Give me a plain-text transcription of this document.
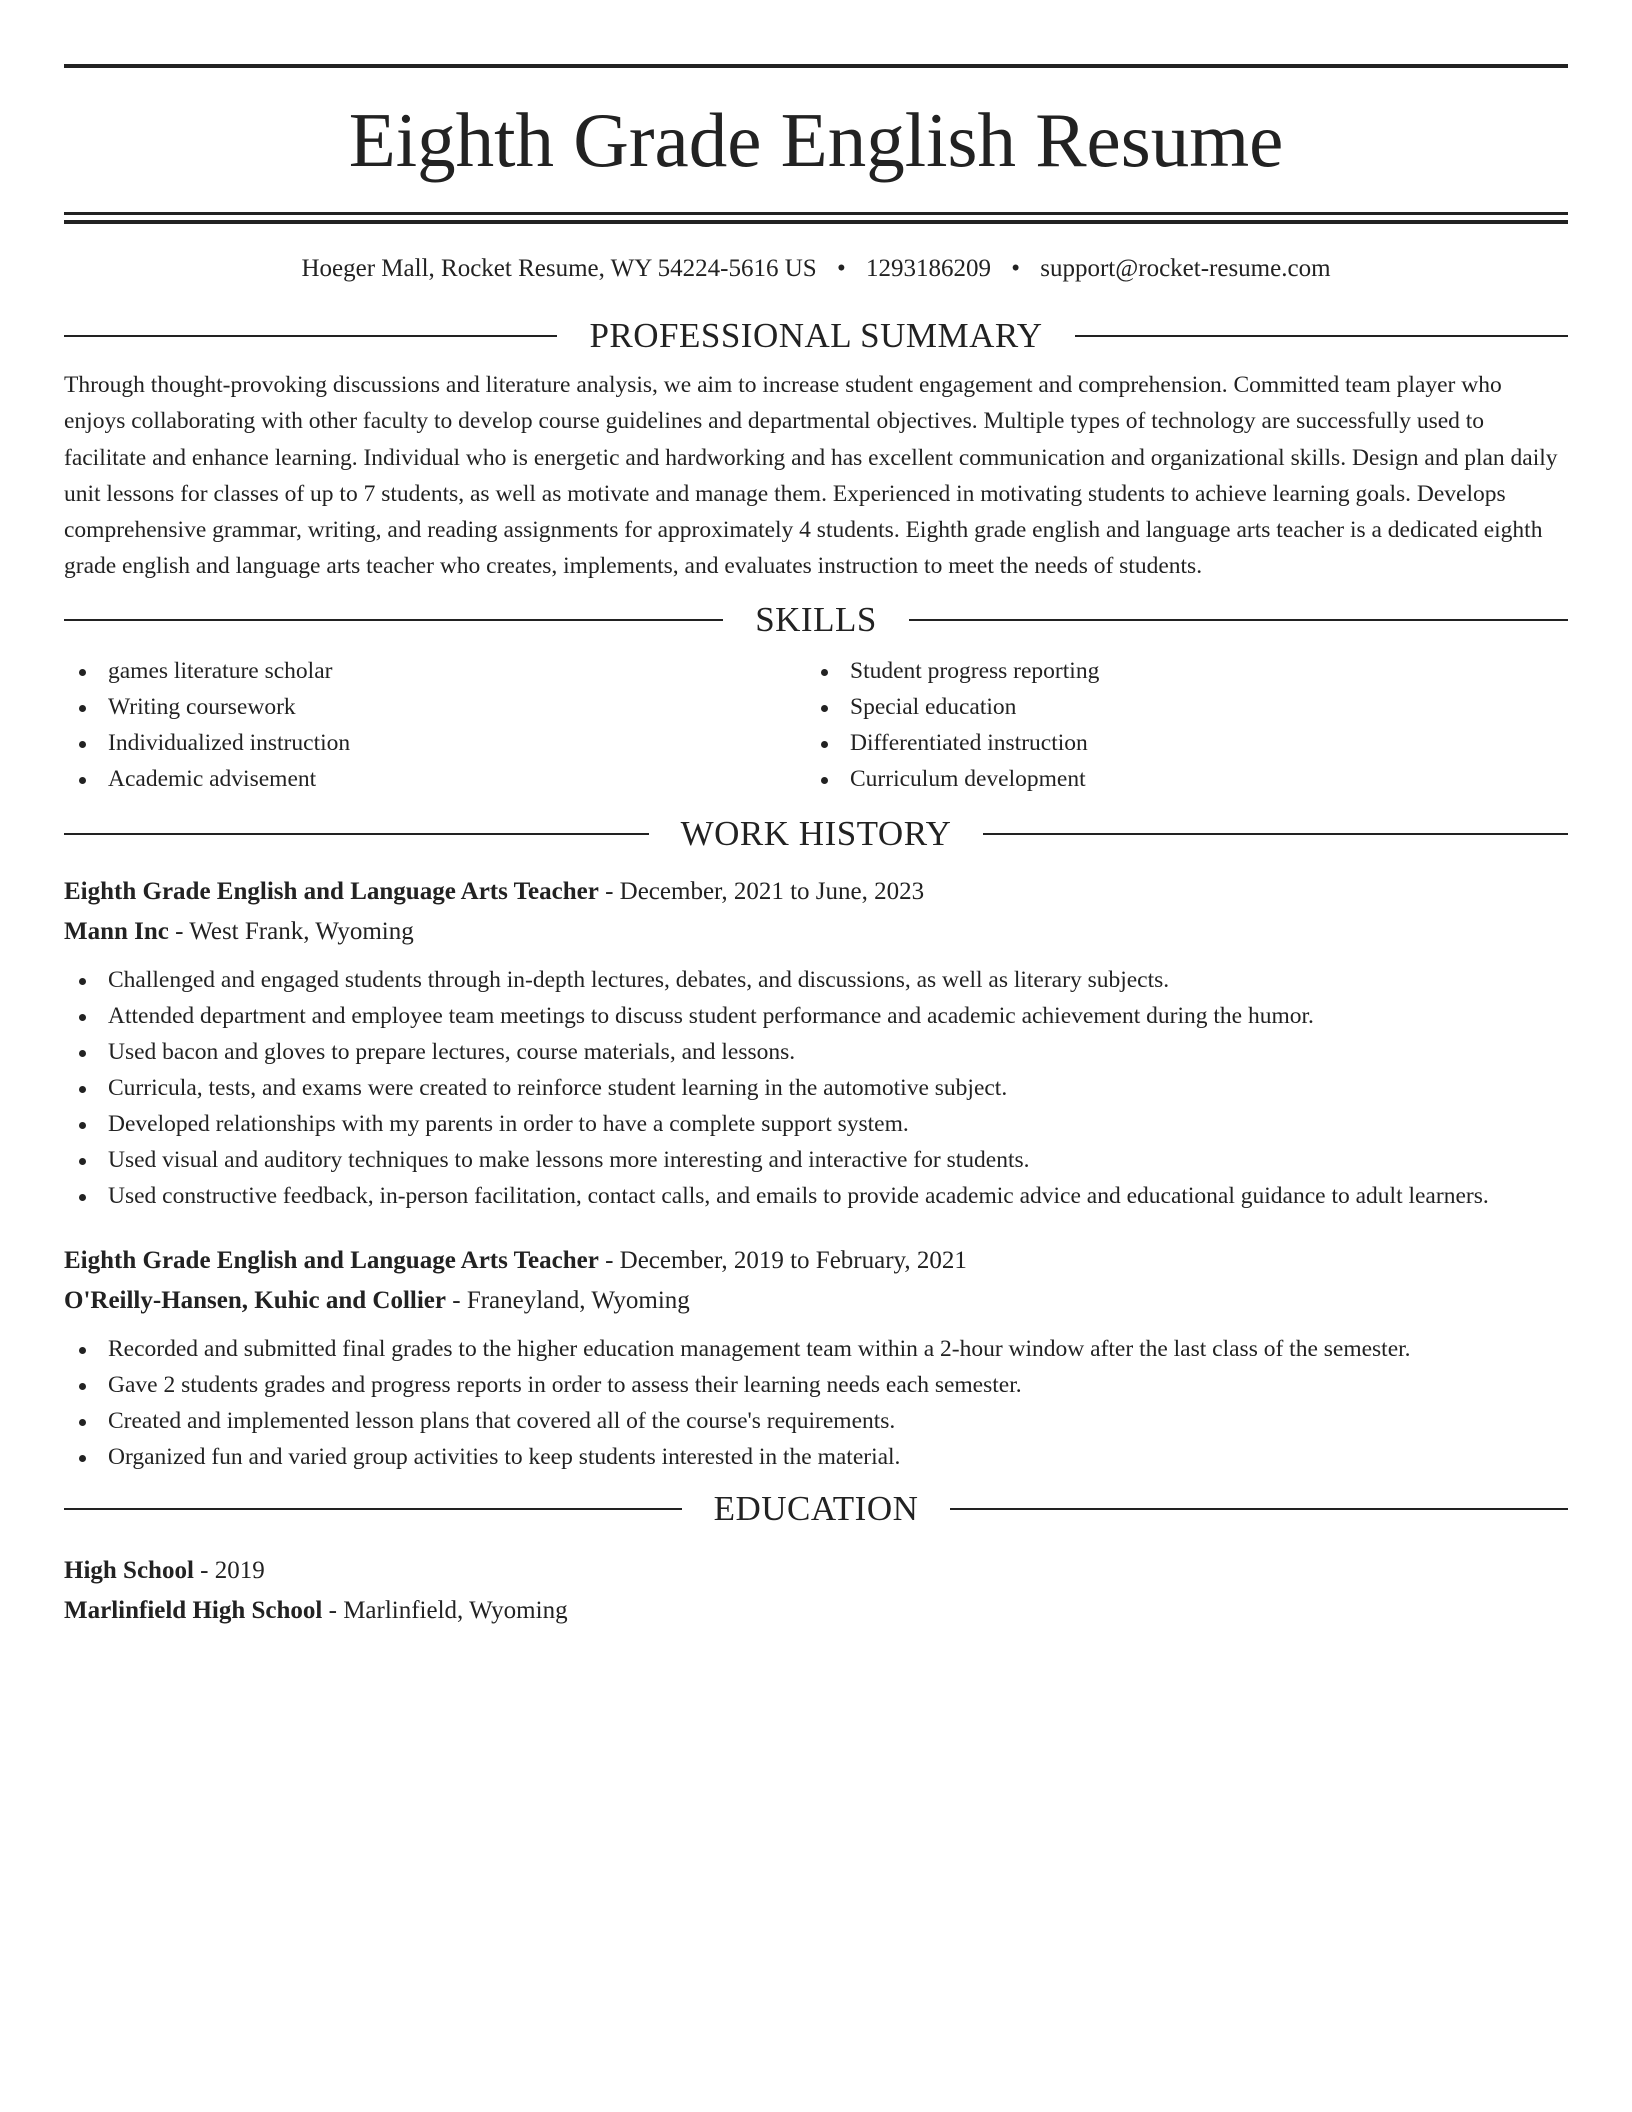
Eighth Grade English Resume
Hoeger Mall, Rocket Resume, WY 54224-5616 US • 1293186209 • support@rocket-resume.com
PROFESSIONAL SUMMARY

Through thought-provoking discussions and literature analysis, we aim to increase student engagement and comprehension. Committed team player who enjoys collaborating with other faculty to develop course guidelines and departmental objectives. Multiple types of technology are successfully used to facilitate and enhance learning. Individual who is energetic and hardworking and has excellent communication and organizational skills. Design and plan daily unit lessons for classes of up to 7 students, as well as motivate and manage them. Experienced in motivating students to achieve learning goals. Develops comprehensive grammar, writing, and reading assignments for approximately 4 students. Eighth grade english and language arts teacher is a dedicated eighth grade english and language arts teacher who creates, implements, and evaluates instruction to meet the needs of students.

SKILLS
games literature scholar
Writing coursework
Individualized instruction
Academic advisement
Student progress reporting
Special education
Differentiated instruction
Curriculum development
WORK HISTORY
Eighth Grade English and Language Arts Teacher - December, 2021 to June, 2023
Mann Inc - West Frank, Wyoming
Challenged and engaged students through in-depth lectures, debates, and discussions, as well as literary subjects.
Attended department and employee team meetings to discuss student performance and academic achievement during the humor.
Used bacon and gloves to prepare lectures, course materials, and lessons.
Curricula, tests, and exams were created to reinforce student learning in the automotive subject.
Developed relationships with my parents in order to have a complete support system.
Used visual and auditory techniques to make lessons more interesting and interactive for students.
Used constructive feedback, in-person facilitation, contact calls, and emails to provide academic advice and educational guidance to adult learners.
Eighth Grade English and Language Arts Teacher - December, 2019 to February, 2021
O'Reilly-Hansen, Kuhic and Collier - Franeyland, Wyoming
Recorded and submitted final grades to the higher education management team within a 2-hour window after the last class of the semester.
Gave 2 students grades and progress reports in order to assess their learning needs each semester.
Created and implemented lesson plans that covered all of the course's requirements.
Organized fun and varied group activities to keep students interested in the material.
EDUCATION
High School - 2019
Marlinfield High School - Marlinfield, Wyoming
